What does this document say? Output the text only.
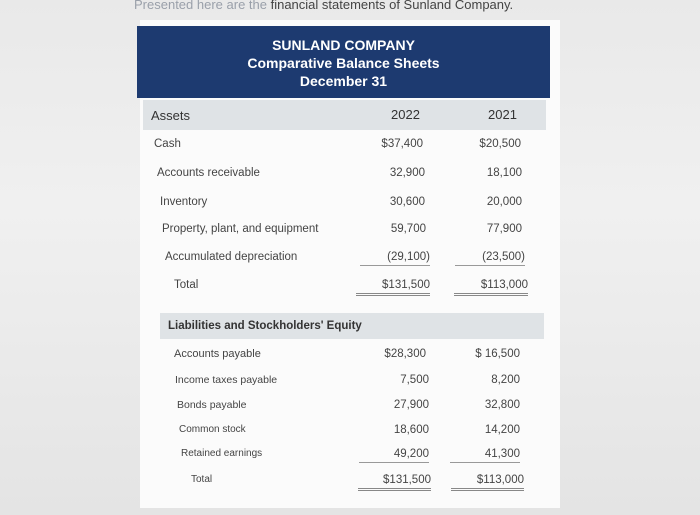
Presented here are the financial statements of Sunland Company.
SUNLAND COMPANY
Comparative Balance Sheets
December 31
Assets	2022	2021
Cash	$37,400	$20,500
Accounts receivable	32,900	18,100
Inventory	30,600	20,000
Property, plant, and equipment	59,700	77,900
Accumulated depreciation	(29,100)	(23,500)
Total	$131,500	$113,000
Liabilities and Stockholders' Equity
Accounts payable	$28,300	$ 16,500
Income taxes payable	7,500	8,200
Bonds payable	27,900	32,800
Common stock	18,600	14,200
Retained earnings	49,200	41,300
Total	$131,500	$113,000
